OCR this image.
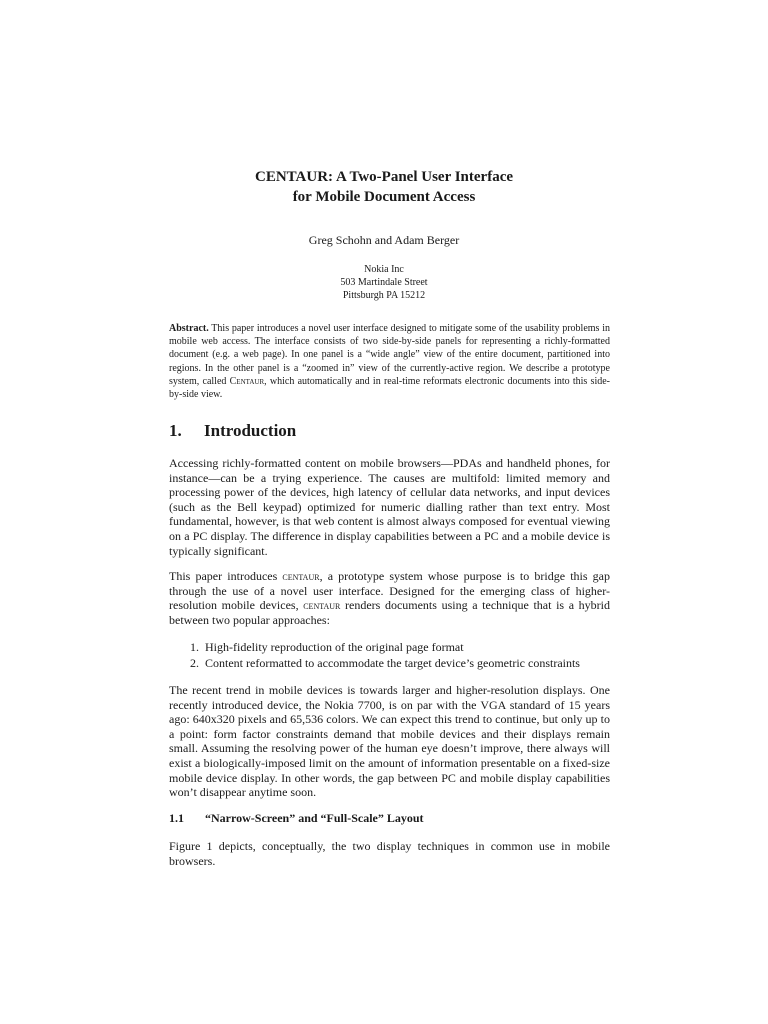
CENTAUR: A Two-Panel User Interface

for Mobile Document Access

Greg Schohn and Adam Berger

Nokia Inc

503 Martindale Street

Pittsburgh PA 15212

Abstract. This paper introduces a novel user interface designed to mitigate some of the usability problems in mobile web access. The interface consists of two side-by-side panels for representing a richly-formatted document (e.g. a web page). In one panel is a “wide angle” view of the entire document, partitioned into regions. In the other panel is a “zoomed in” view of the currently-active region. We describe a prototype system, called Centaur, which automatically and in real-time reformats electronic documents into this side-by-side view.

1. Introduction

Accessing richly-formatted content on mobile browsers—PDAs and handheld phones, for instance—can be a trying experience. The causes are multifold: limited memory and processing power of the devices, high latency of cellular data networks, and input devices (such as the Bell keypad) optimized for numeric dialling rather than text entry. Most fundamental, however, is that web content is almost always composed for eventual viewing on a PC display. The difference in display capabilities between a PC and a mobile device is typically significant.

This paper introduces centaur, a prototype system whose purpose is to bridge this gap through the use of a novel user interface. Designed for the emerging class of higher-resolution mobile devices, centaur renders documents using a technique that is a hybrid between two popular approaches:

1. High-fidelity reproduction of the original page format
2. Content reformatted to accommodate the target device’s geometric constraints

The recent trend in mobile devices is towards larger and higher-resolution displays. One recently introduced device, the Nokia 7700, is on par with the VGA standard of 15 years ago: 640x320 pixels and 65,536 colors. We can expect this trend to continue, but only up to a point: form factor constraints demand that mobile devices and their displays remain small. Assuming the resolving power of the human eye doesn’t improve, there always will exist a biologically-imposed limit on the amount of information presentable on a fixed-size mobile device display. In other words, the gap between PC and mobile display capabilities won’t disappear anytime soon.

1.1 “Narrow-Screen” and “Full-Scale” Layout

Figure 1 depicts, conceptually, the two display techniques in common use in mobile browsers.
